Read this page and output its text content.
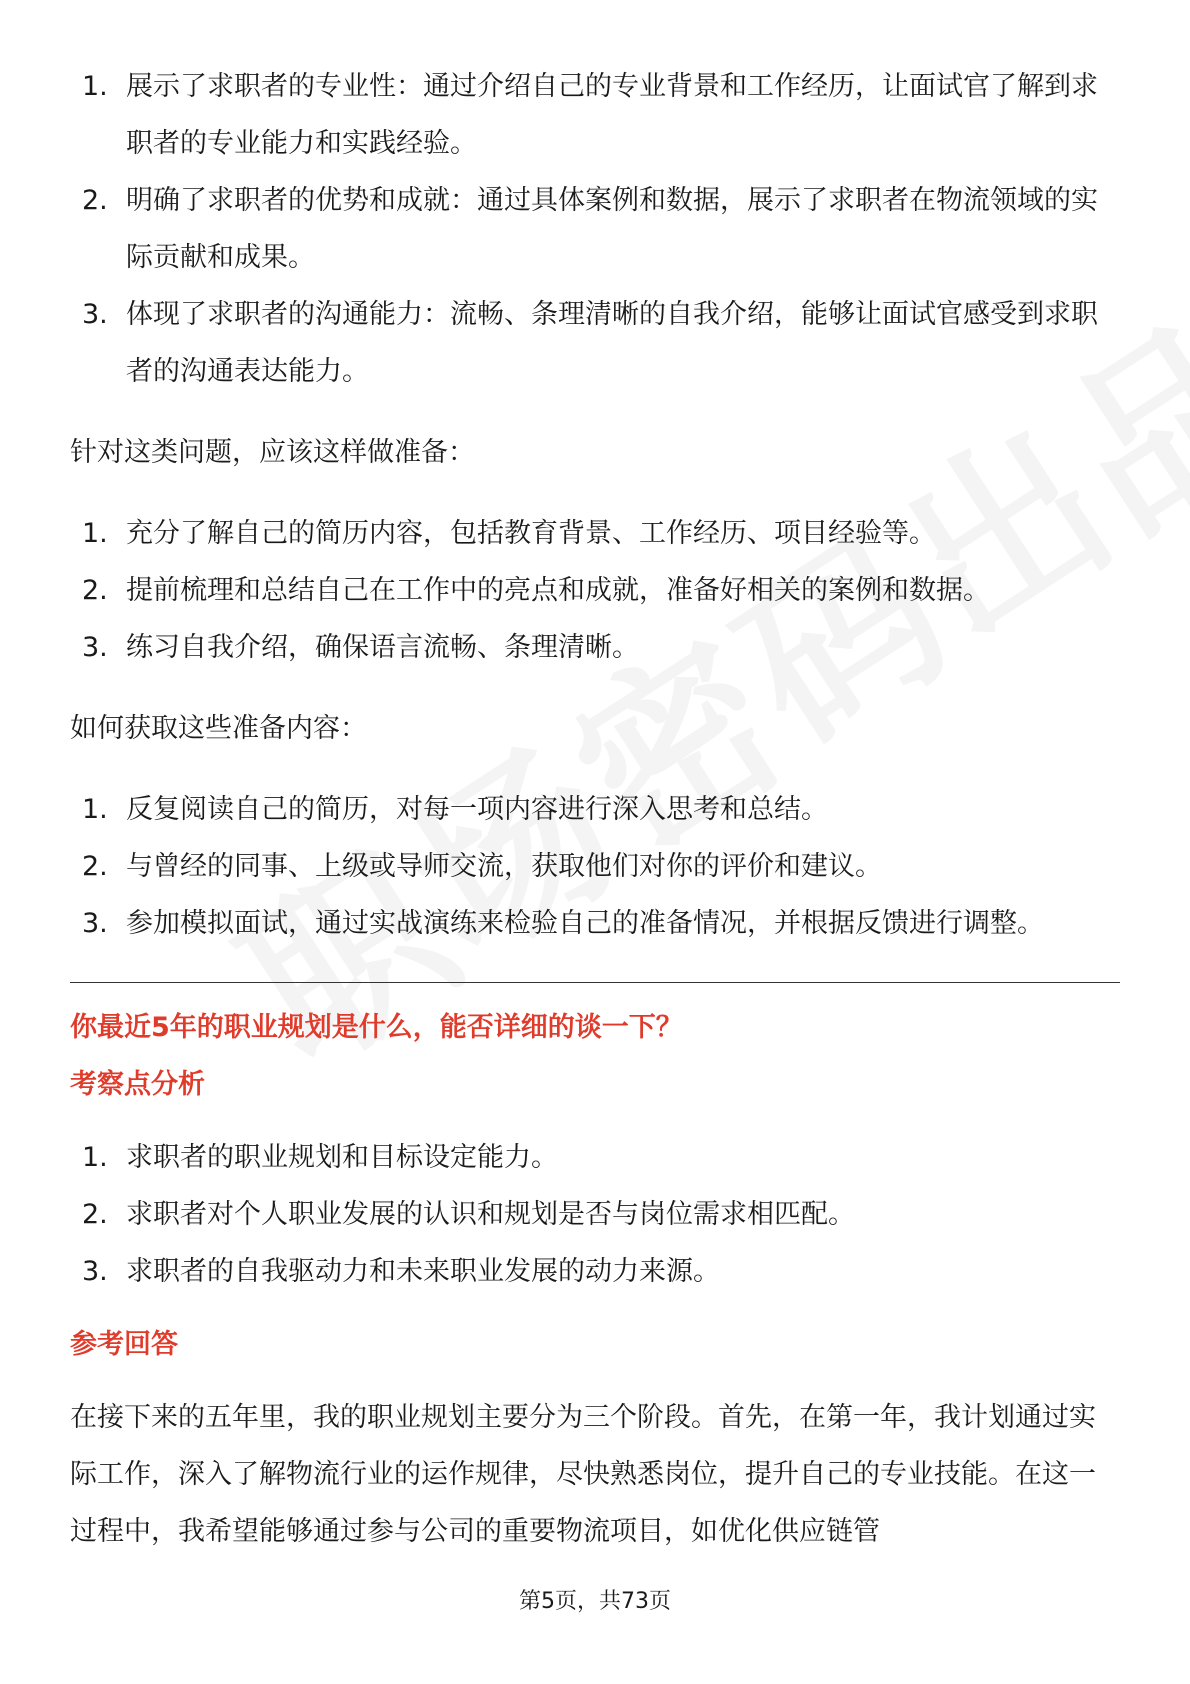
1. 展示了求职者的专业性：通过介绍自己的专业背景和工作经历，让面试官了解到求职者的专业能力和实践经验。
2. 明确了求职者的优势和成就：通过具体案例和数据，展示了求职者在物流领域的实际贡献和成果。
3. 体现了求职者的沟通能力：流畅、条理清晰的自我介绍，能够让面试官感受到求职者的沟通表达能力。

针对这类问题，应该这样做准备：

1. 充分了解自己的简历内容，包括教育背景、工作经历、项目经验等。
2. 提前梳理和总结自己在工作中的亮点和成就，准备好相关的案例和数据。
3. 练习自我介绍，确保语言流畅、条理清晰。

如何获取这些准备内容：

1. 反复阅读自己的简历，对每一项内容进行深入思考和总结。
2. 与曾经的同事、上级或导师交流，获取他们对你的评价和建议。
3. 参加模拟面试，通过实战演练来检验自己的准备情况，并根据反馈进行调整。

你最近5年的职业规划是什么，能否详细的谈一下？

考察点分析

1. 求职者的职业规划和目标设定能力。
2. 求职者对个人职业发展的认识和规划是否与岗位需求相匹配。
3. 求职者的自我驱动力和未来职业发展的动力来源。

参考回答

在接下来的五年里，我的职业规划主要分为三个阶段。首先，在第一年，我计划通过实际工作，深入了解物流行业的运作规律，尽快熟悉岗位，提升自己的专业技能。在这一过程中，我希望能够通过参与公司的重要物流项目，如优化供应链管

第5页，共73页
